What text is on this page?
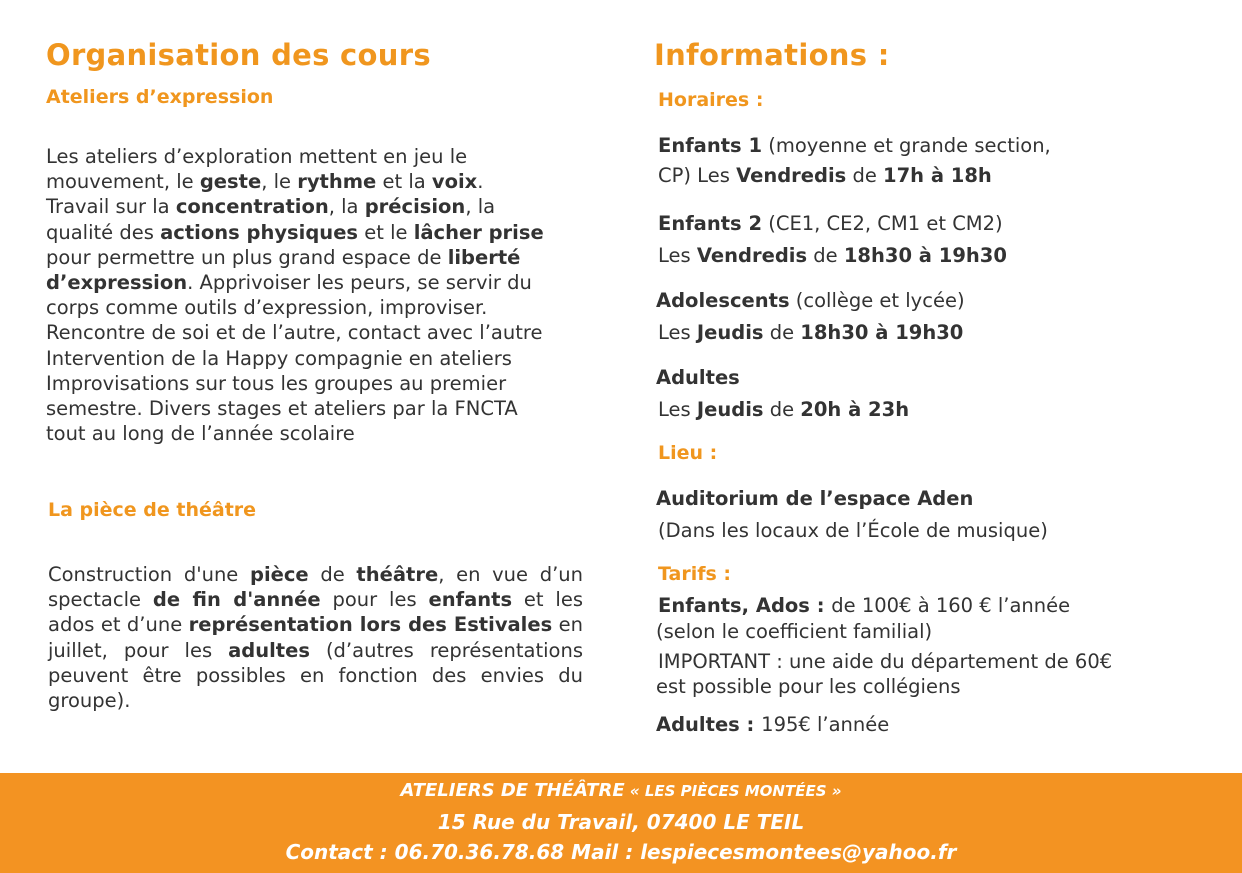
Organisation des cours
Ateliers d’expression
Les ateliers d’exploration mettent en jeu le
mouvement, le geste, le rythme et la voix.
Travail sur la concentration, la précision, la
qualité des actions physiques et le lâcher prise
pour permettre un plus grand espace de liberté
d’expression. Apprivoiser les peurs, se servir du
corps comme outils d’expression, improviser.
Rencontre de soi et de l’autre, contact avec l’autre
Intervention de la Happy compagnie en ateliers
Improvisations sur tous les groupes au premier
semestre. Divers stages et ateliers par la FNCTA
tout au long de l’année scolaire
La pièce de théâtre
Construction d'une pièce de théâtre, en vue d’un spectacle de fin d'année pour les enfants et les ados et d’une représentation lors des Estivales en juillet, pour les adultes (d’autres représentations peuvent être possibles en fonction des envies du groupe).
Informations :
Horaires :

Enfants 1 (moyenne et grande section,

CP) Les Vendredis de 17h à 18h

Enfants 2 (CE1, CE2, CM1 et CM2)

Les Vendredis de 18h30 à 19h30

Adolescents (collège et lycée)

Les Jeudis de 18h30 à 19h30

Adultes

Les Jeudis de 20h à 23h

Lieu :
Auditorium de l’espace Aden
(Dans les locaux de l’École de musique)
Tarifs :
Enfants, Ados : de 100€ à 160 € l’année
(selon le coefficient familial)
IMPORTANT : une aide du département de 60€
est possible pour les collégiens
Adultes : 195€ l’année
ATELIERS DE THÉÂTRE « LES PIÈCES MONTÉES »
15 Rue du Travail, 07400 LE TEIL
Contact : 06.70.36.78.68 Mail : lespiecesmontees@yahoo.fr
